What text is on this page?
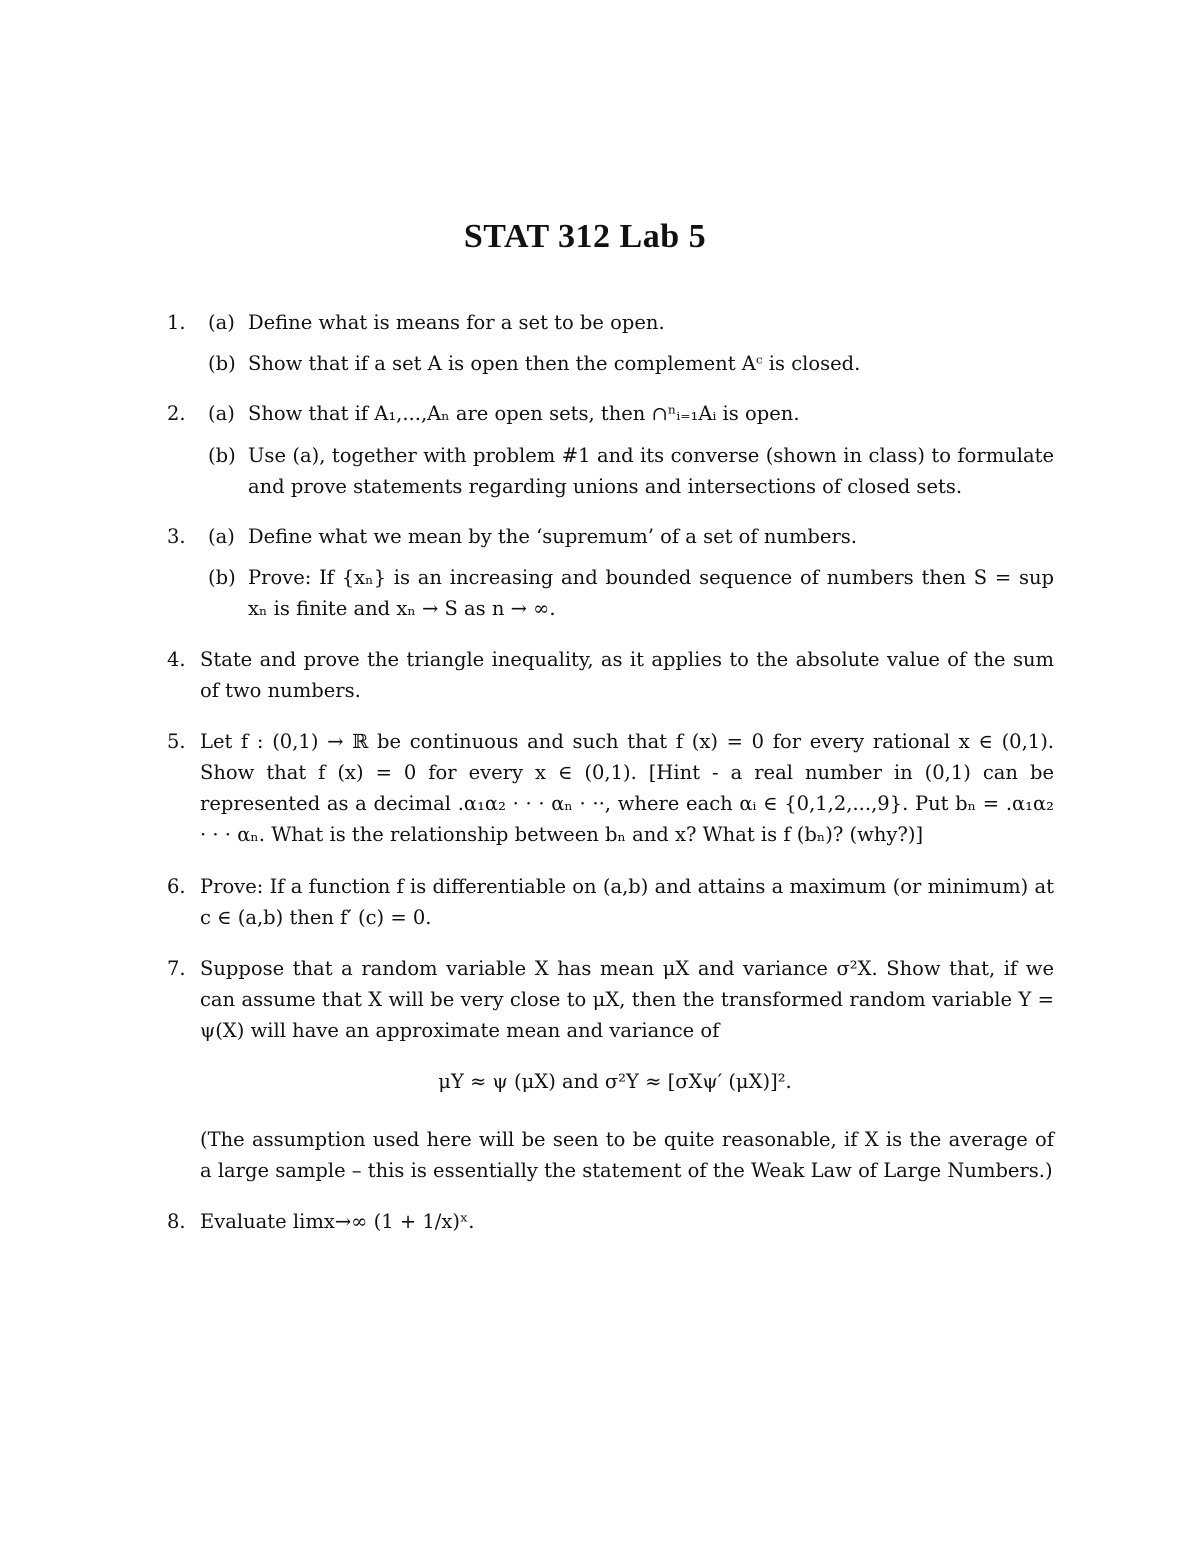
STAT 312 Lab 5
1.	(a) Define what is means for a set to be open.
(b) Show that if a set A is open then the complement Aᶜ is closed.
2.	(a) Show that if A₁,...,Aₙ are open sets, then ∩ⁿᵢ₌₁Aᵢ is open.
(b) Use (a), together with problem #1 and its converse (shown in class) to formulate and prove statements regarding unions and intersections of closed sets.
3.	(a) Define what we mean by the ‘supremum’ of a set of numbers.
(b) Prove: If {xₙ} is an increasing and bounded sequence of numbers then S = sup xₙ is finite and xₙ → S as n → ∞.
4. State and prove the triangle inequality, as it applies to the absolute value of the sum of two numbers.
5. Let f : (0,1) → ℝ be continuous and such that f (x) = 0 for every rational x ∈ (0,1). Show that f (x) = 0 for every x ∈ (0,1). [Hint - a real number in (0,1) can be represented as a decimal .α₁α₂ · · · αₙ · ··, where each αᵢ ∈ {0,1,2,...,9}. Put bₙ = .α₁α₂ · · · αₙ. What is the relationship between bₙ and x? What is f (bₙ)? (why?)]
6. Prove: If a function f is differentiable on (a,b) and attains a maximum (or minimum) at c ∈ (a,b) then f′ (c) = 0.
7. Suppose that a random variable X has mean μX and variance σ²X. Show that, if we can assume that X will be very close to μX, then the transformed random variable Y = ψ(X) will have an approximate mean and variance of
μY ≈ ψ (μX) and σ²Y ≈ [σXψ′ (μX)]².
(The assumption used here will be seen to be quite reasonable, if X is the average of a large sample – this is essentially the statement of the Weak Law of Large Numbers.)
8. Evaluate limx→∞ (1 + 1/x)ˣ.
